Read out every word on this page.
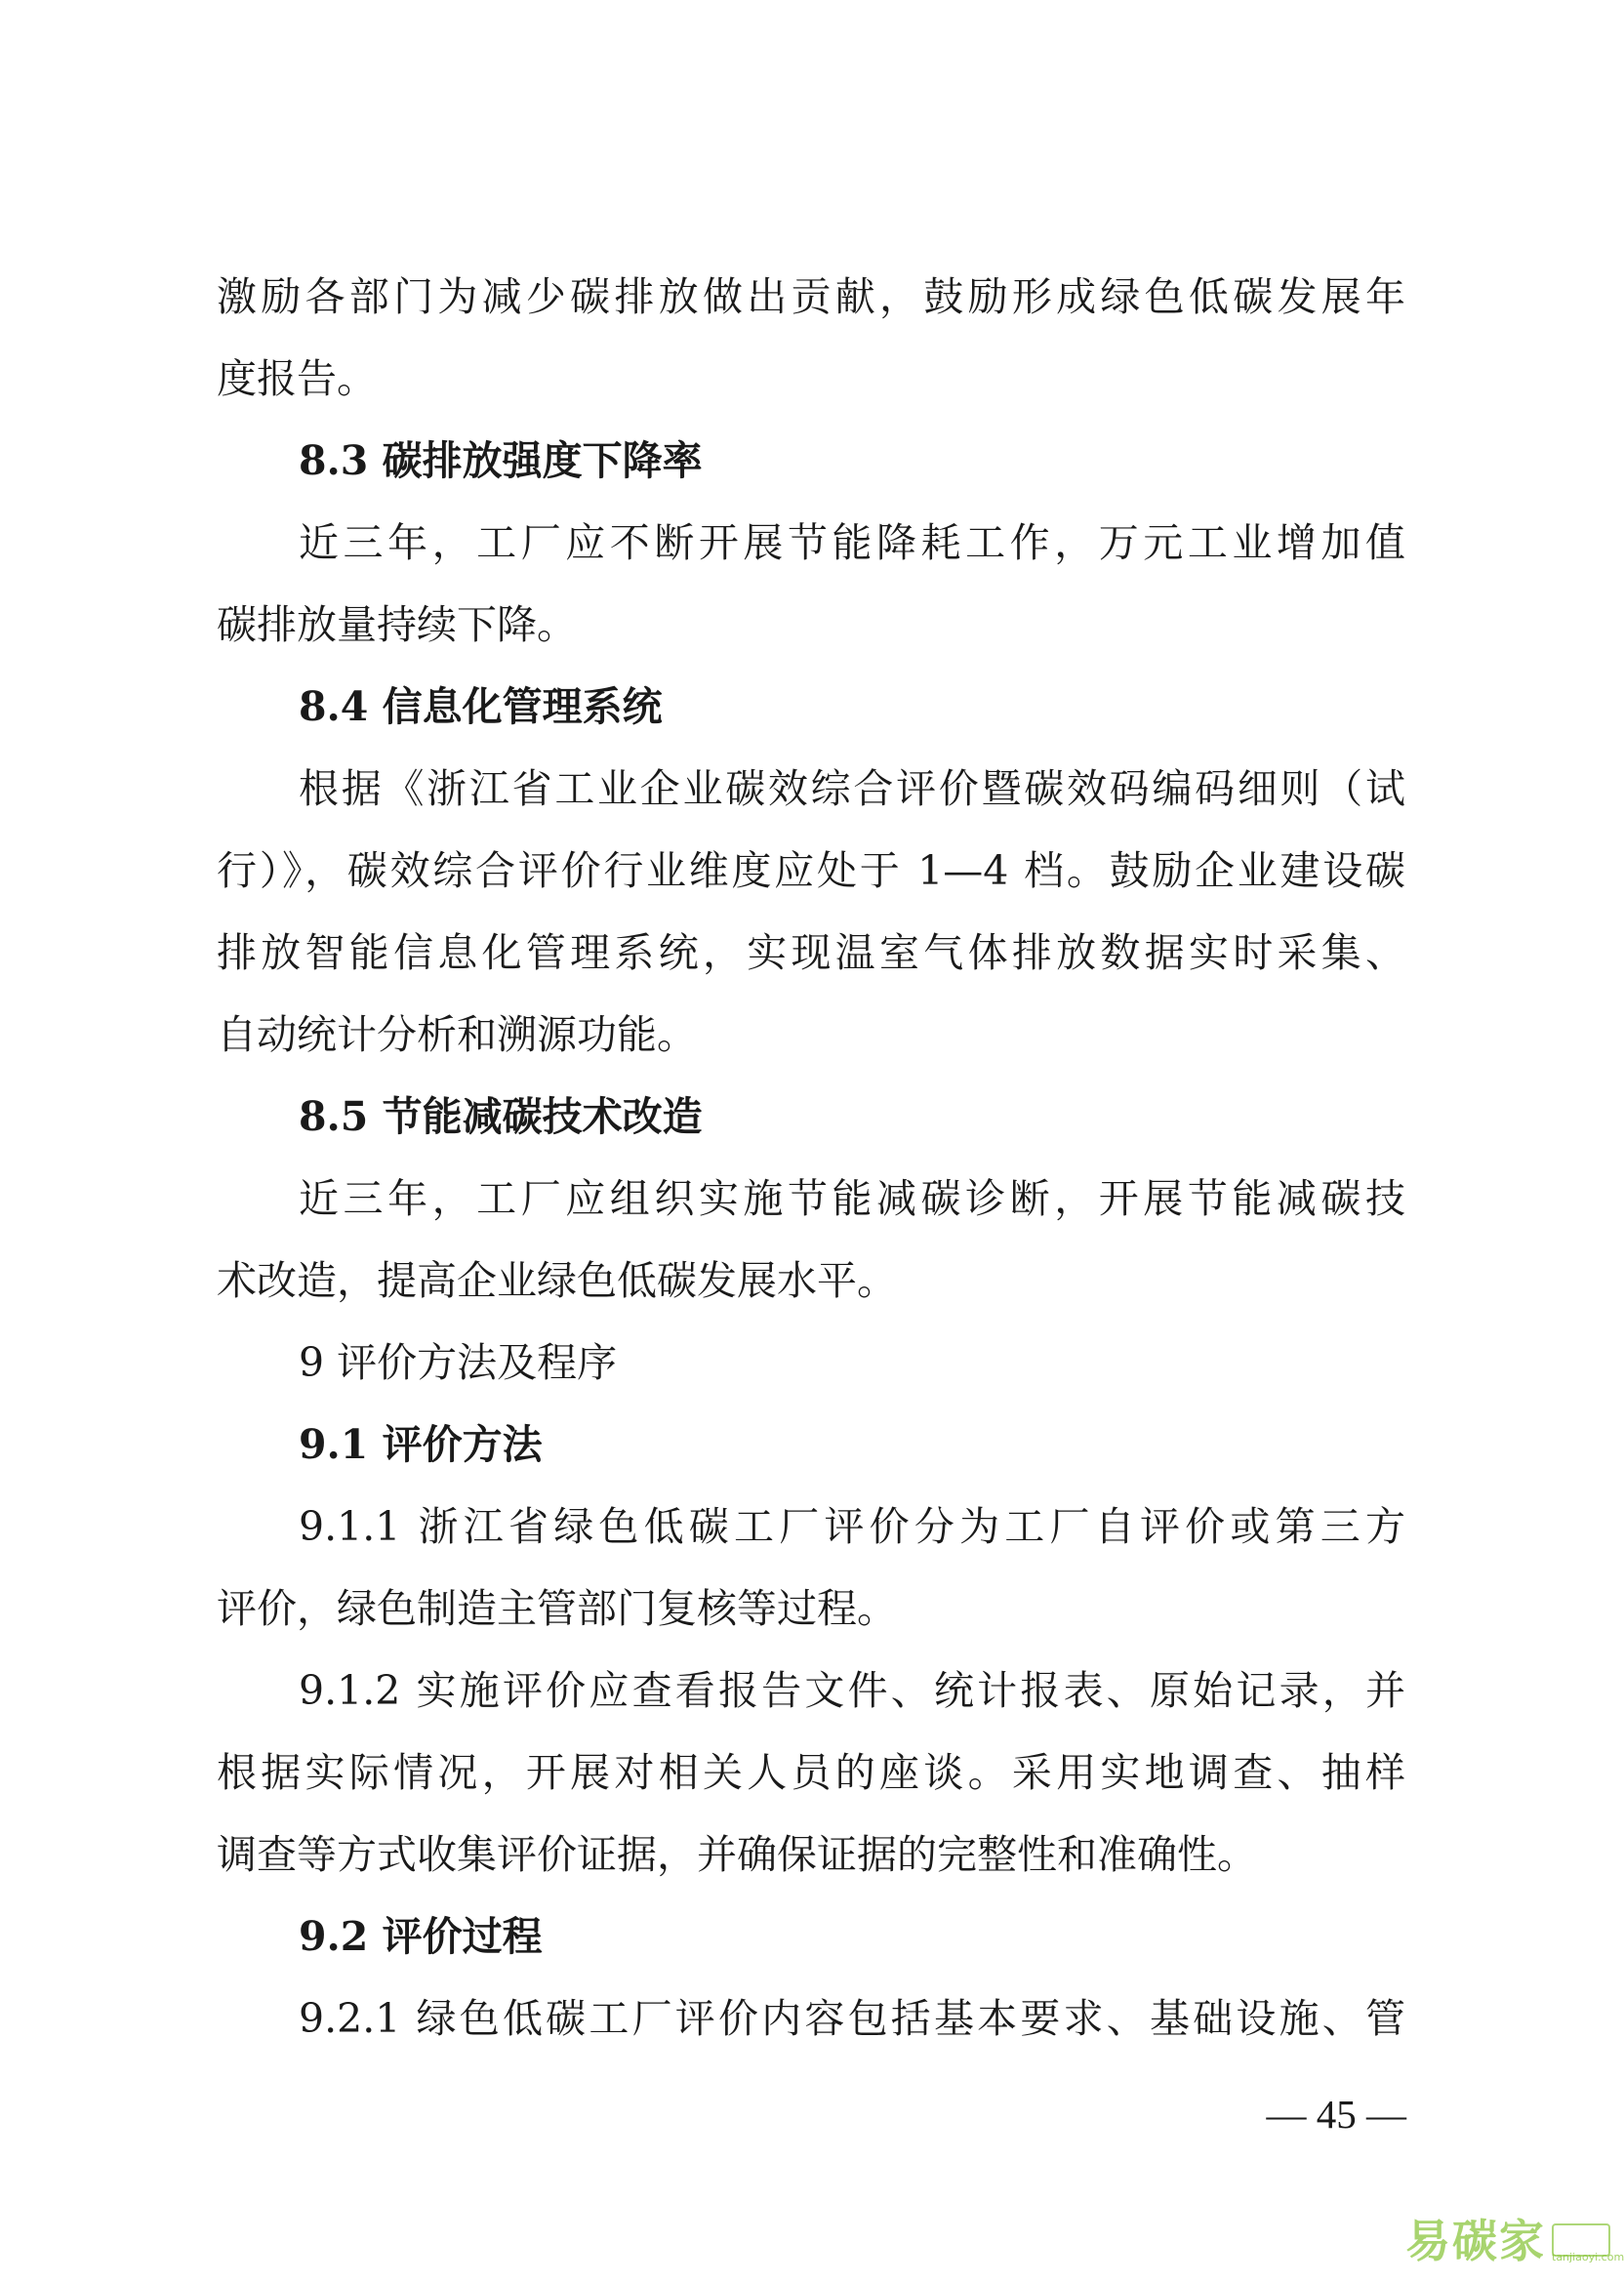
激励各部门为减少碳排放做出贡献，鼓励形成绿色低碳发展年
度报告。
8.3 碳排放强度下降率
近三年，工厂应不断开展节能降耗工作，万元工业增加值
碳排放量持续下降。
8.4 信息化管理系统
根据《浙江省工业企业碳效综合评价暨碳效码编码细则（试
行）》，碳效综合评价行业维度应处于 1—4 档。鼓励企业建设碳
排放智能信息化管理系统，实现温室气体排放数据实时采集、
自动统计分析和溯源功能。
8.5 节能减碳技术改造
近三年，工厂应组织实施节能减碳诊断，开展节能减碳技
术改造，提高企业绿色低碳发展水平。
9 评价方法及程序
9.1 评价方法
9.1.1 浙江省绿色低碳工厂评价分为工厂自评价或第三方
评价，绿色制造主管部门复核等过程。
9.1.2 实施评价应查看报告文件、统计报表、原始记录，并
根据实际情况，开展对相关人员的座谈。采用实地调查、抽样
调查等方式收集评价证据，并确保证据的完整性和准确性。
9.2 评价过程
9.2.1 绿色低碳工厂评价内容包括基本要求、基础设施、管
— 45 —
易碳家 tanjiaoyi.com
